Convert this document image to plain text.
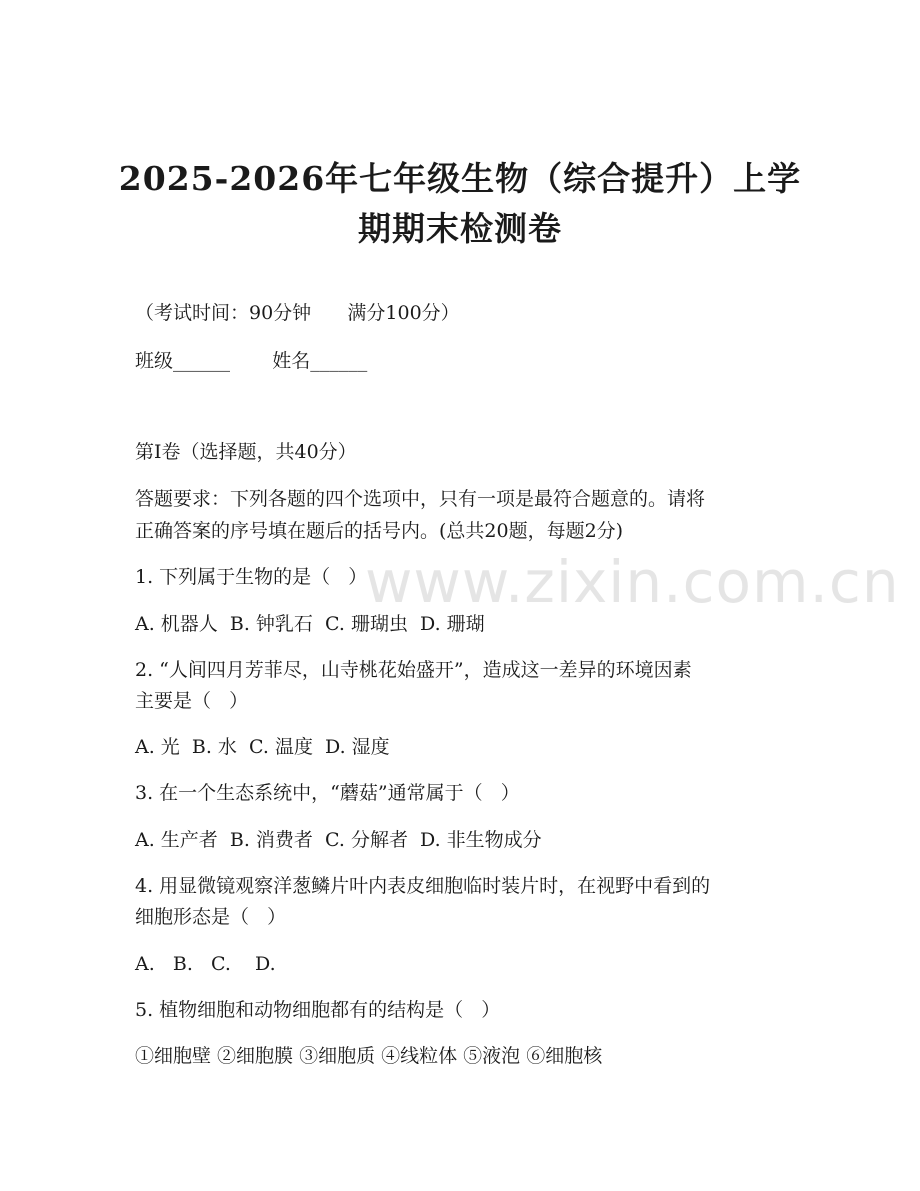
2025-2026年七年级生物（综合提升）上学
期期末检测卷
（考试时间：90分钟      满分100分）
班级______       姓名______
第Ⅰ卷（选择题，共40分）
答题要求：下列各题的四个选项中，只有一项是最符合题意的。请将
正确答案的序号填在题后的括号内。(总共20题，每题2分)
1. 下列属于生物的是（   ）
A. 机器人  B. 钟乳石  C. 珊瑚虫  D. 珊瑚
2. “人间四月芳菲尽，山寺桃花始盛开”，造成这一差异的环境因素
主要是（   ）
A. 光  B. 水  C. 温度  D. 湿度
3. 在一个生态系统中，“蘑菇”通常属于（   ）
A. 生产者  B. 消费者  C. 分解者  D. 非生物成分
4. 用显微镜观察洋葱鳞片叶内表皮细胞临时装片时，在视野中看到的
细胞形态是（   ）
A.   B.   C.    D.
5. 植物细胞和动物细胞都有的结构是（   ）
①细胞壁 ②细胞膜 ③细胞质 ④线粒体 ⑤液泡 ⑥细胞核
www.zixin.com.cn
